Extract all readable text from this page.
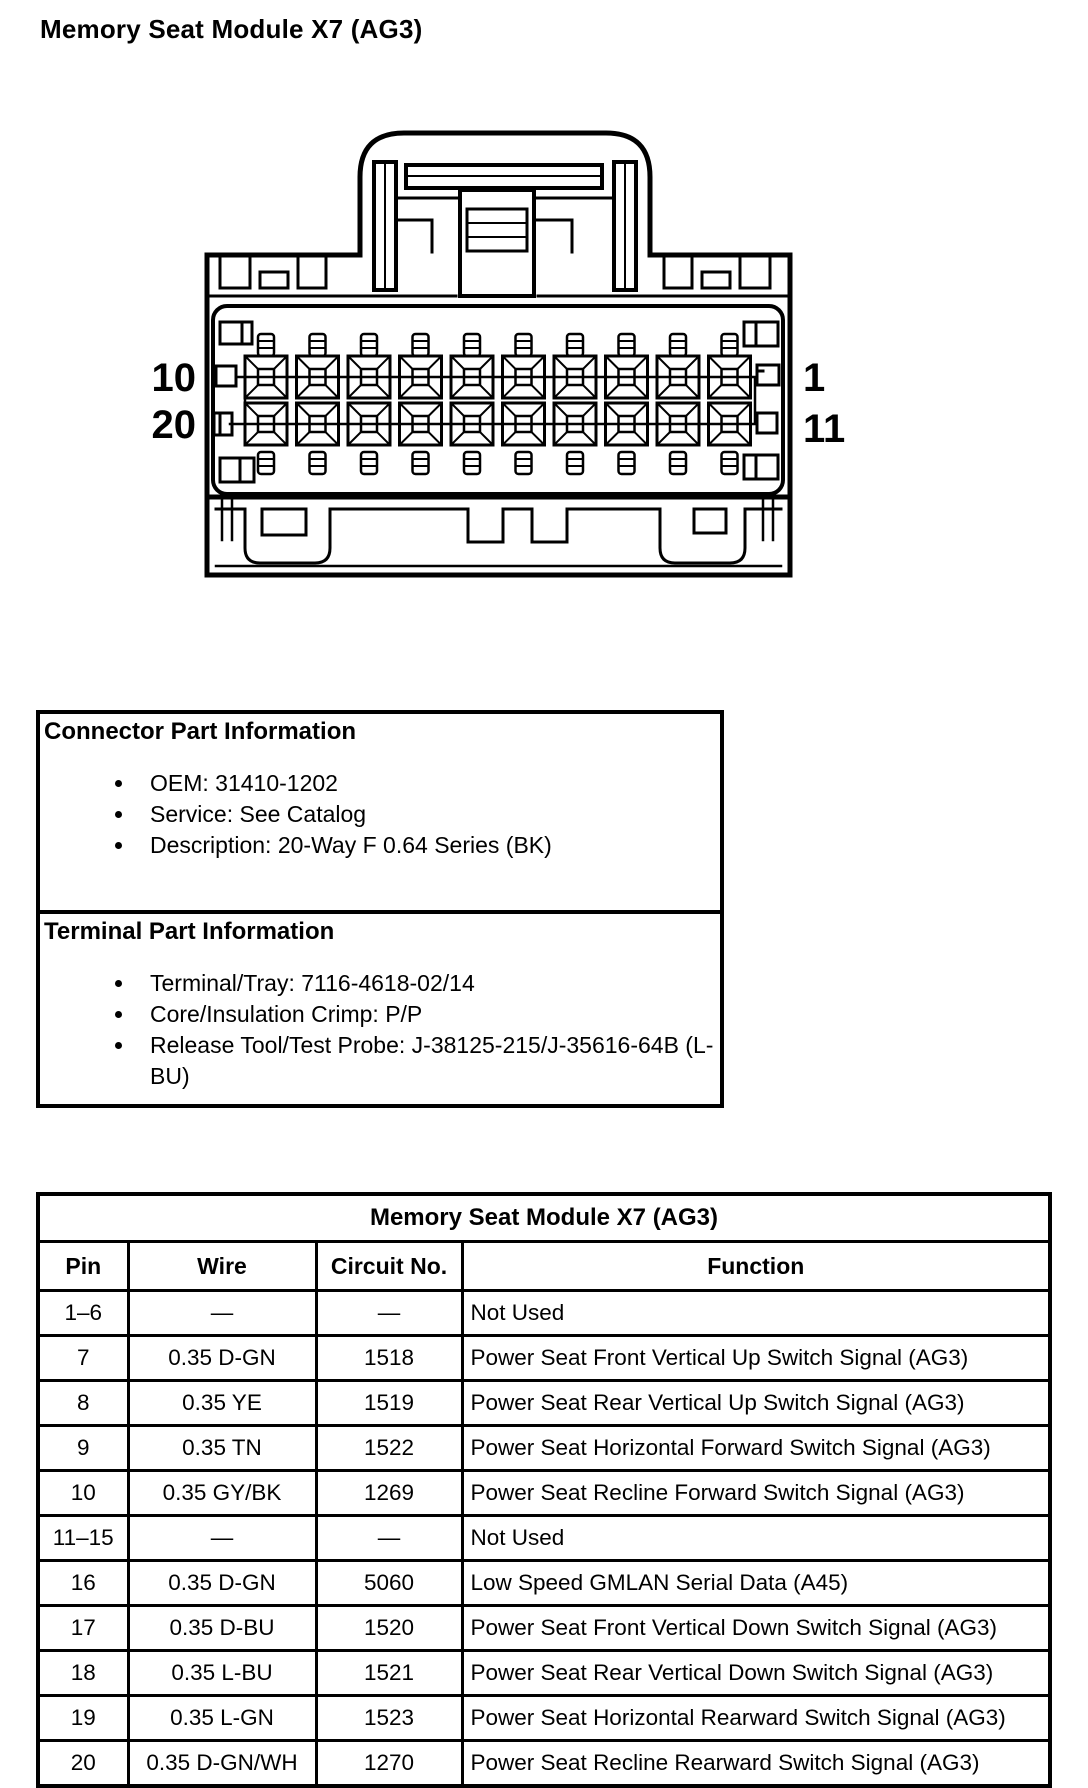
Memory Seat Module X7 (AG3)
10
20
1
11
Connector Part Information
• OEM: 31410-1202
• Service: See Catalog
• Description: 20-Way F 0.64 Series (BK)
Terminal Part Information
• Terminal/Tray: 7116-4618-02/14
• Core/Insulation Crimp: P/P
• Release Tool/Test Probe: J-38125-215/J-35616-64B (L-BU)
Memory Seat Module X7 (AG3)			
Pin	Wire	Circuit No.	Function
1–6	—	—	Not Used
7	0.35 D-GN	1518	Power Seat Front Vertical Up Switch Signal (AG3)
8	0.35 YE	1519	Power Seat Rear Vertical Up Switch Signal (AG3)
9	0.35 TN	1522	Power Seat Horizontal Forward Switch Signal (AG3)
10	0.35 GY/BK	1269	Power Seat Recline Forward Switch Signal (AG3)
11–15	—	—	Not Used
16	0.35 D-GN	5060	Low Speed GMLAN Serial Data (A45)
17	0.35 D-BU	1520	Power Seat Front Vertical Down Switch Signal (AG3)
18	0.35 L-BU	1521	Power Seat Rear Vertical Down Switch Signal (AG3)
19	0.35 L-GN	1523	Power Seat Horizontal Rearward Switch Signal (AG3)
20	0.35 D-GN/WH	1270	Power Seat Recline Rearward Switch Signal (AG3)
